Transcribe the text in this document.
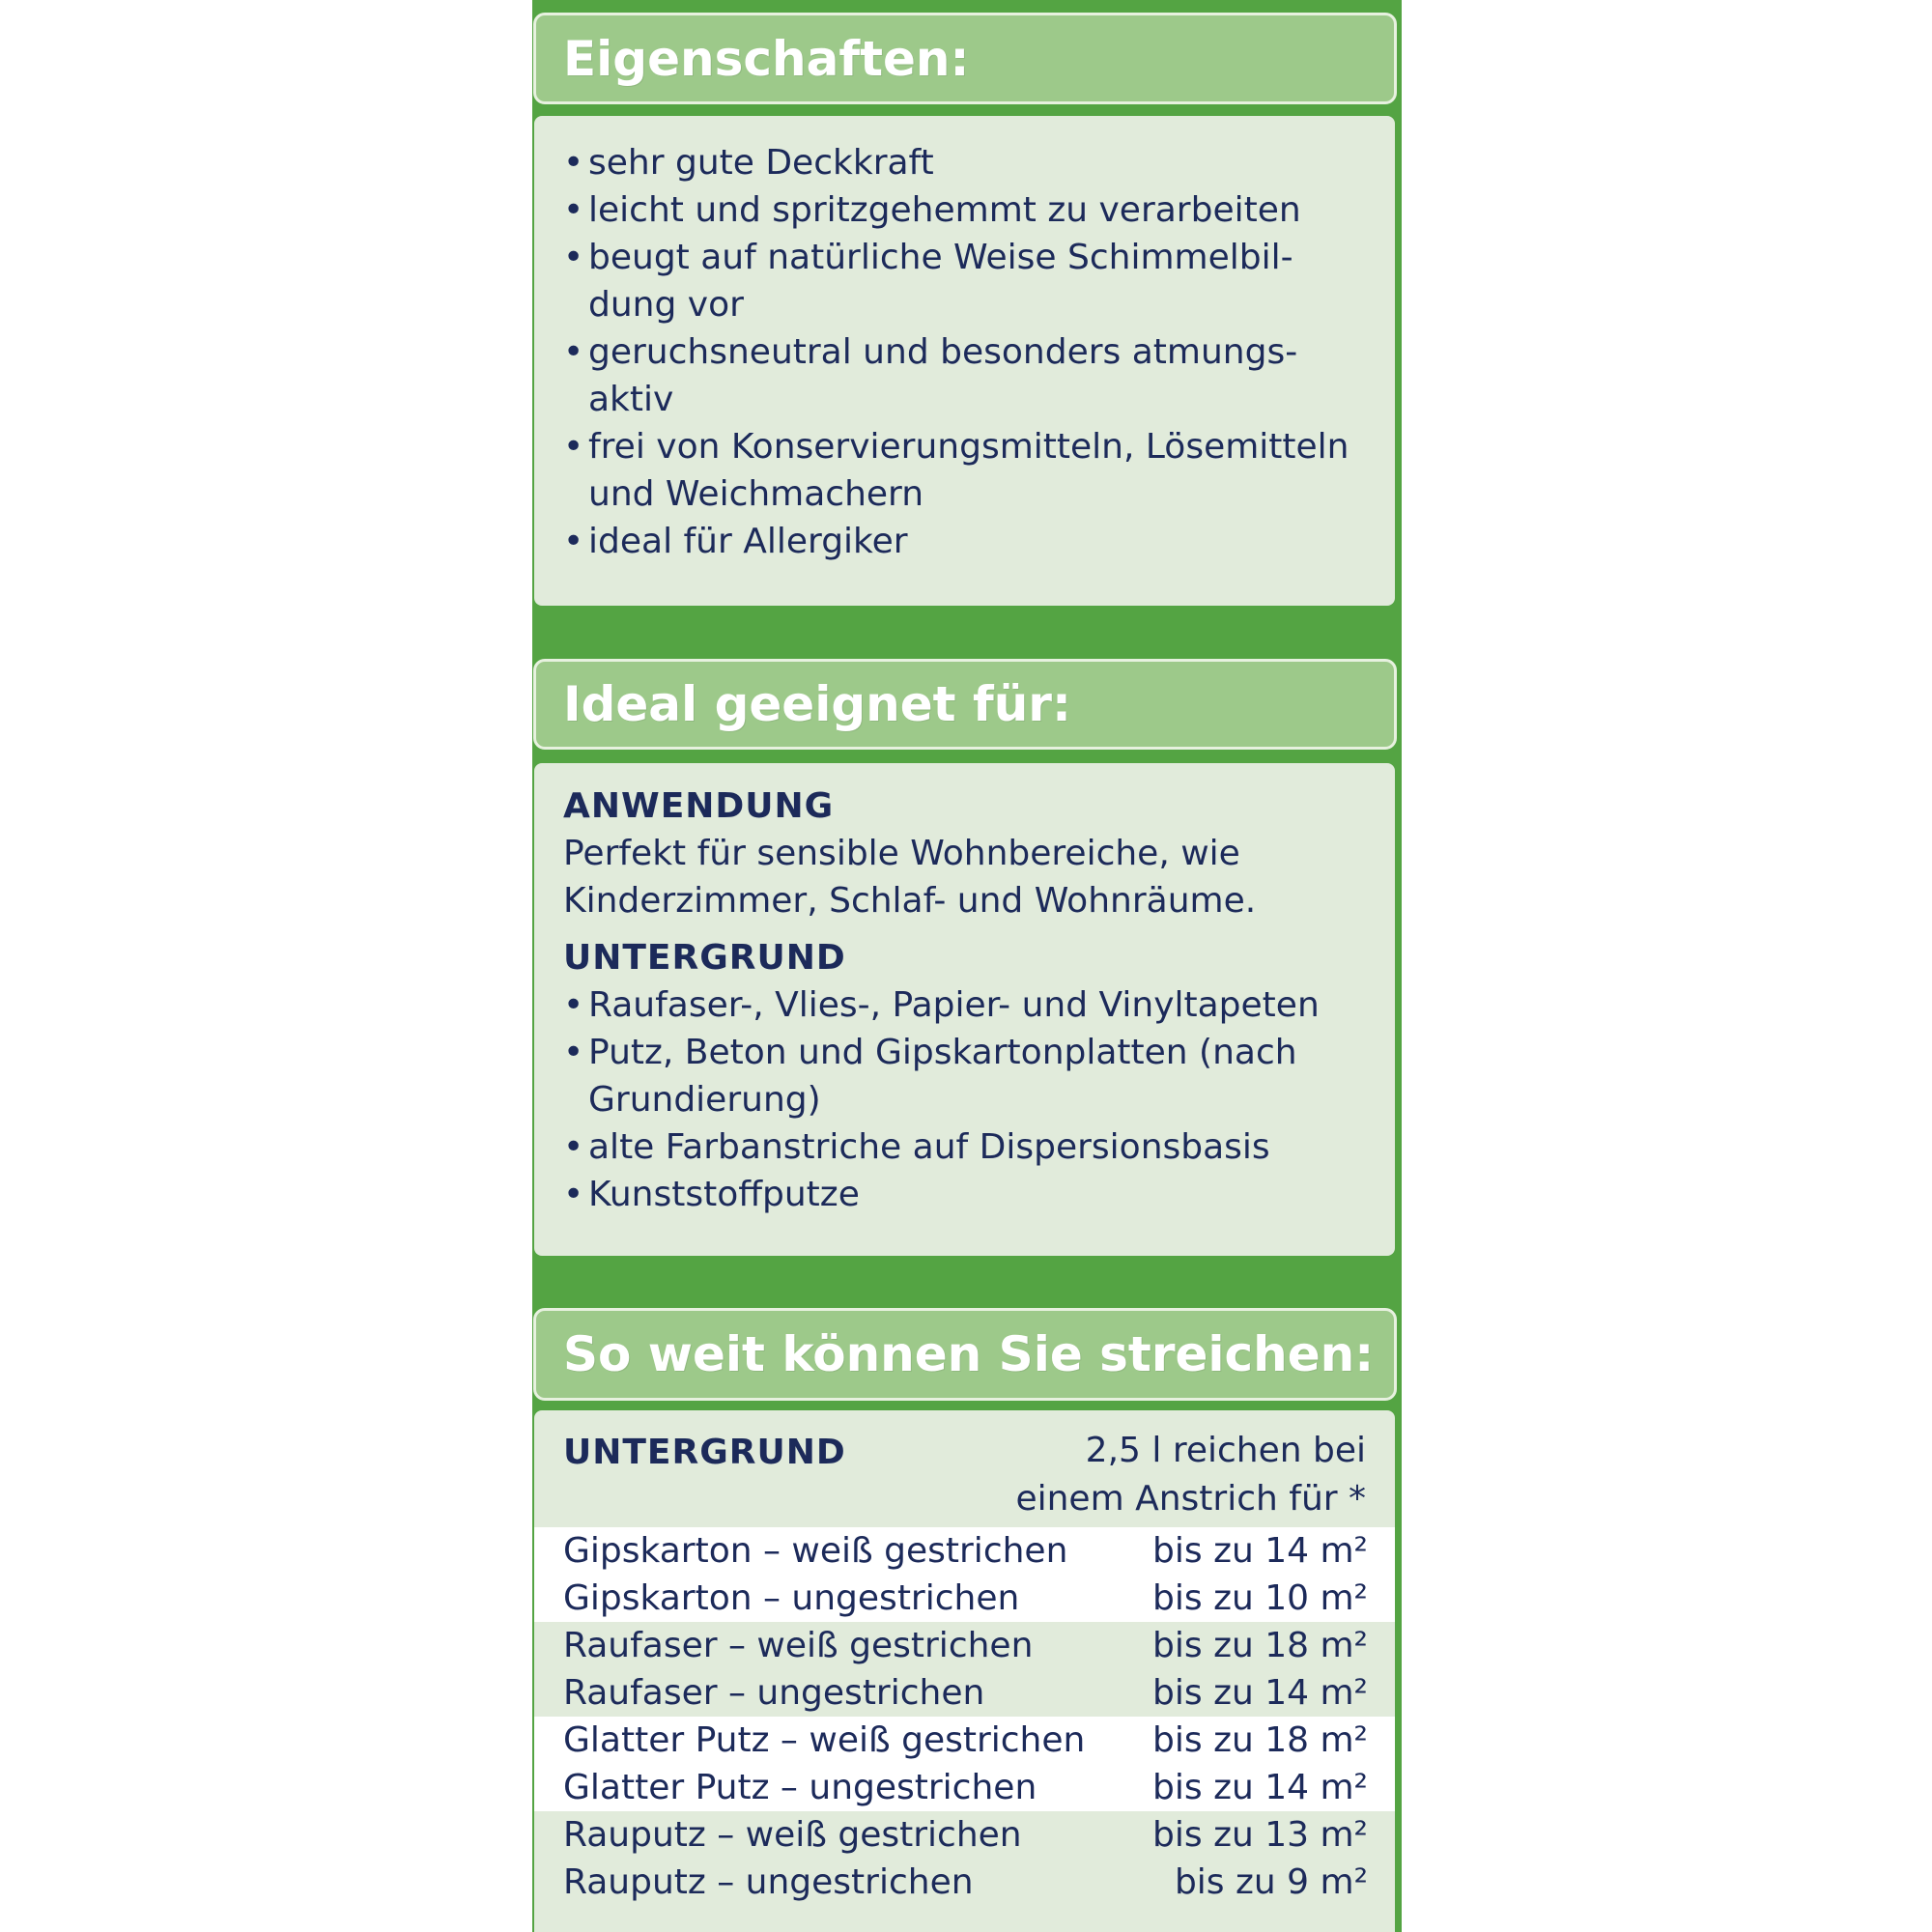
Eigenschaften:
• sehr gute Deckkraft
• leicht und spritzgehemmt zu verarbeiten
• beugt auf natürliche Weise Schimmelbil-dung vor
• geruchsneutral und besonders atmungs-aktiv
• frei von Konservierungsmitteln, Lösemitteln und Weichmachern
• ideal für Allergiker
Ideal geeignet für:
ANWENDUNG
Perfekt für sensible Wohnbereiche, wie Kinderzimmer, Schlaf- und Wohnräume.
UNTERGRUND
• Raufaser-, Vlies-, Papier- und Vinyltapeten
• Putz, Beton und Gipskartonplatten (nach Grundierung)
• alte Farbanstriche auf Dispersionsbasis
• Kunststoffputze
So weit können Sie streichen:
UNTERGRUND	2,5 l reichen bei
einem Anstrich für *
Gipskarton – weiß gestrichen bis zu 14 m²
Gipskarton – ungestrichen	bis zu 10 m²
Raufaser – weiß gestrichen	bis zu 18 m²
Raufaser – ungestrichen	bis zu 14 m²
Glatter Putz – weiß gestrichen bis zu 18 m²
Glatter Putz – ungestrichen	bis zu 14 m²
Rauputz – weiß gestrichen	bis zu 13 m²
Rauputz – ungestrichen	bis zu 9 m²
